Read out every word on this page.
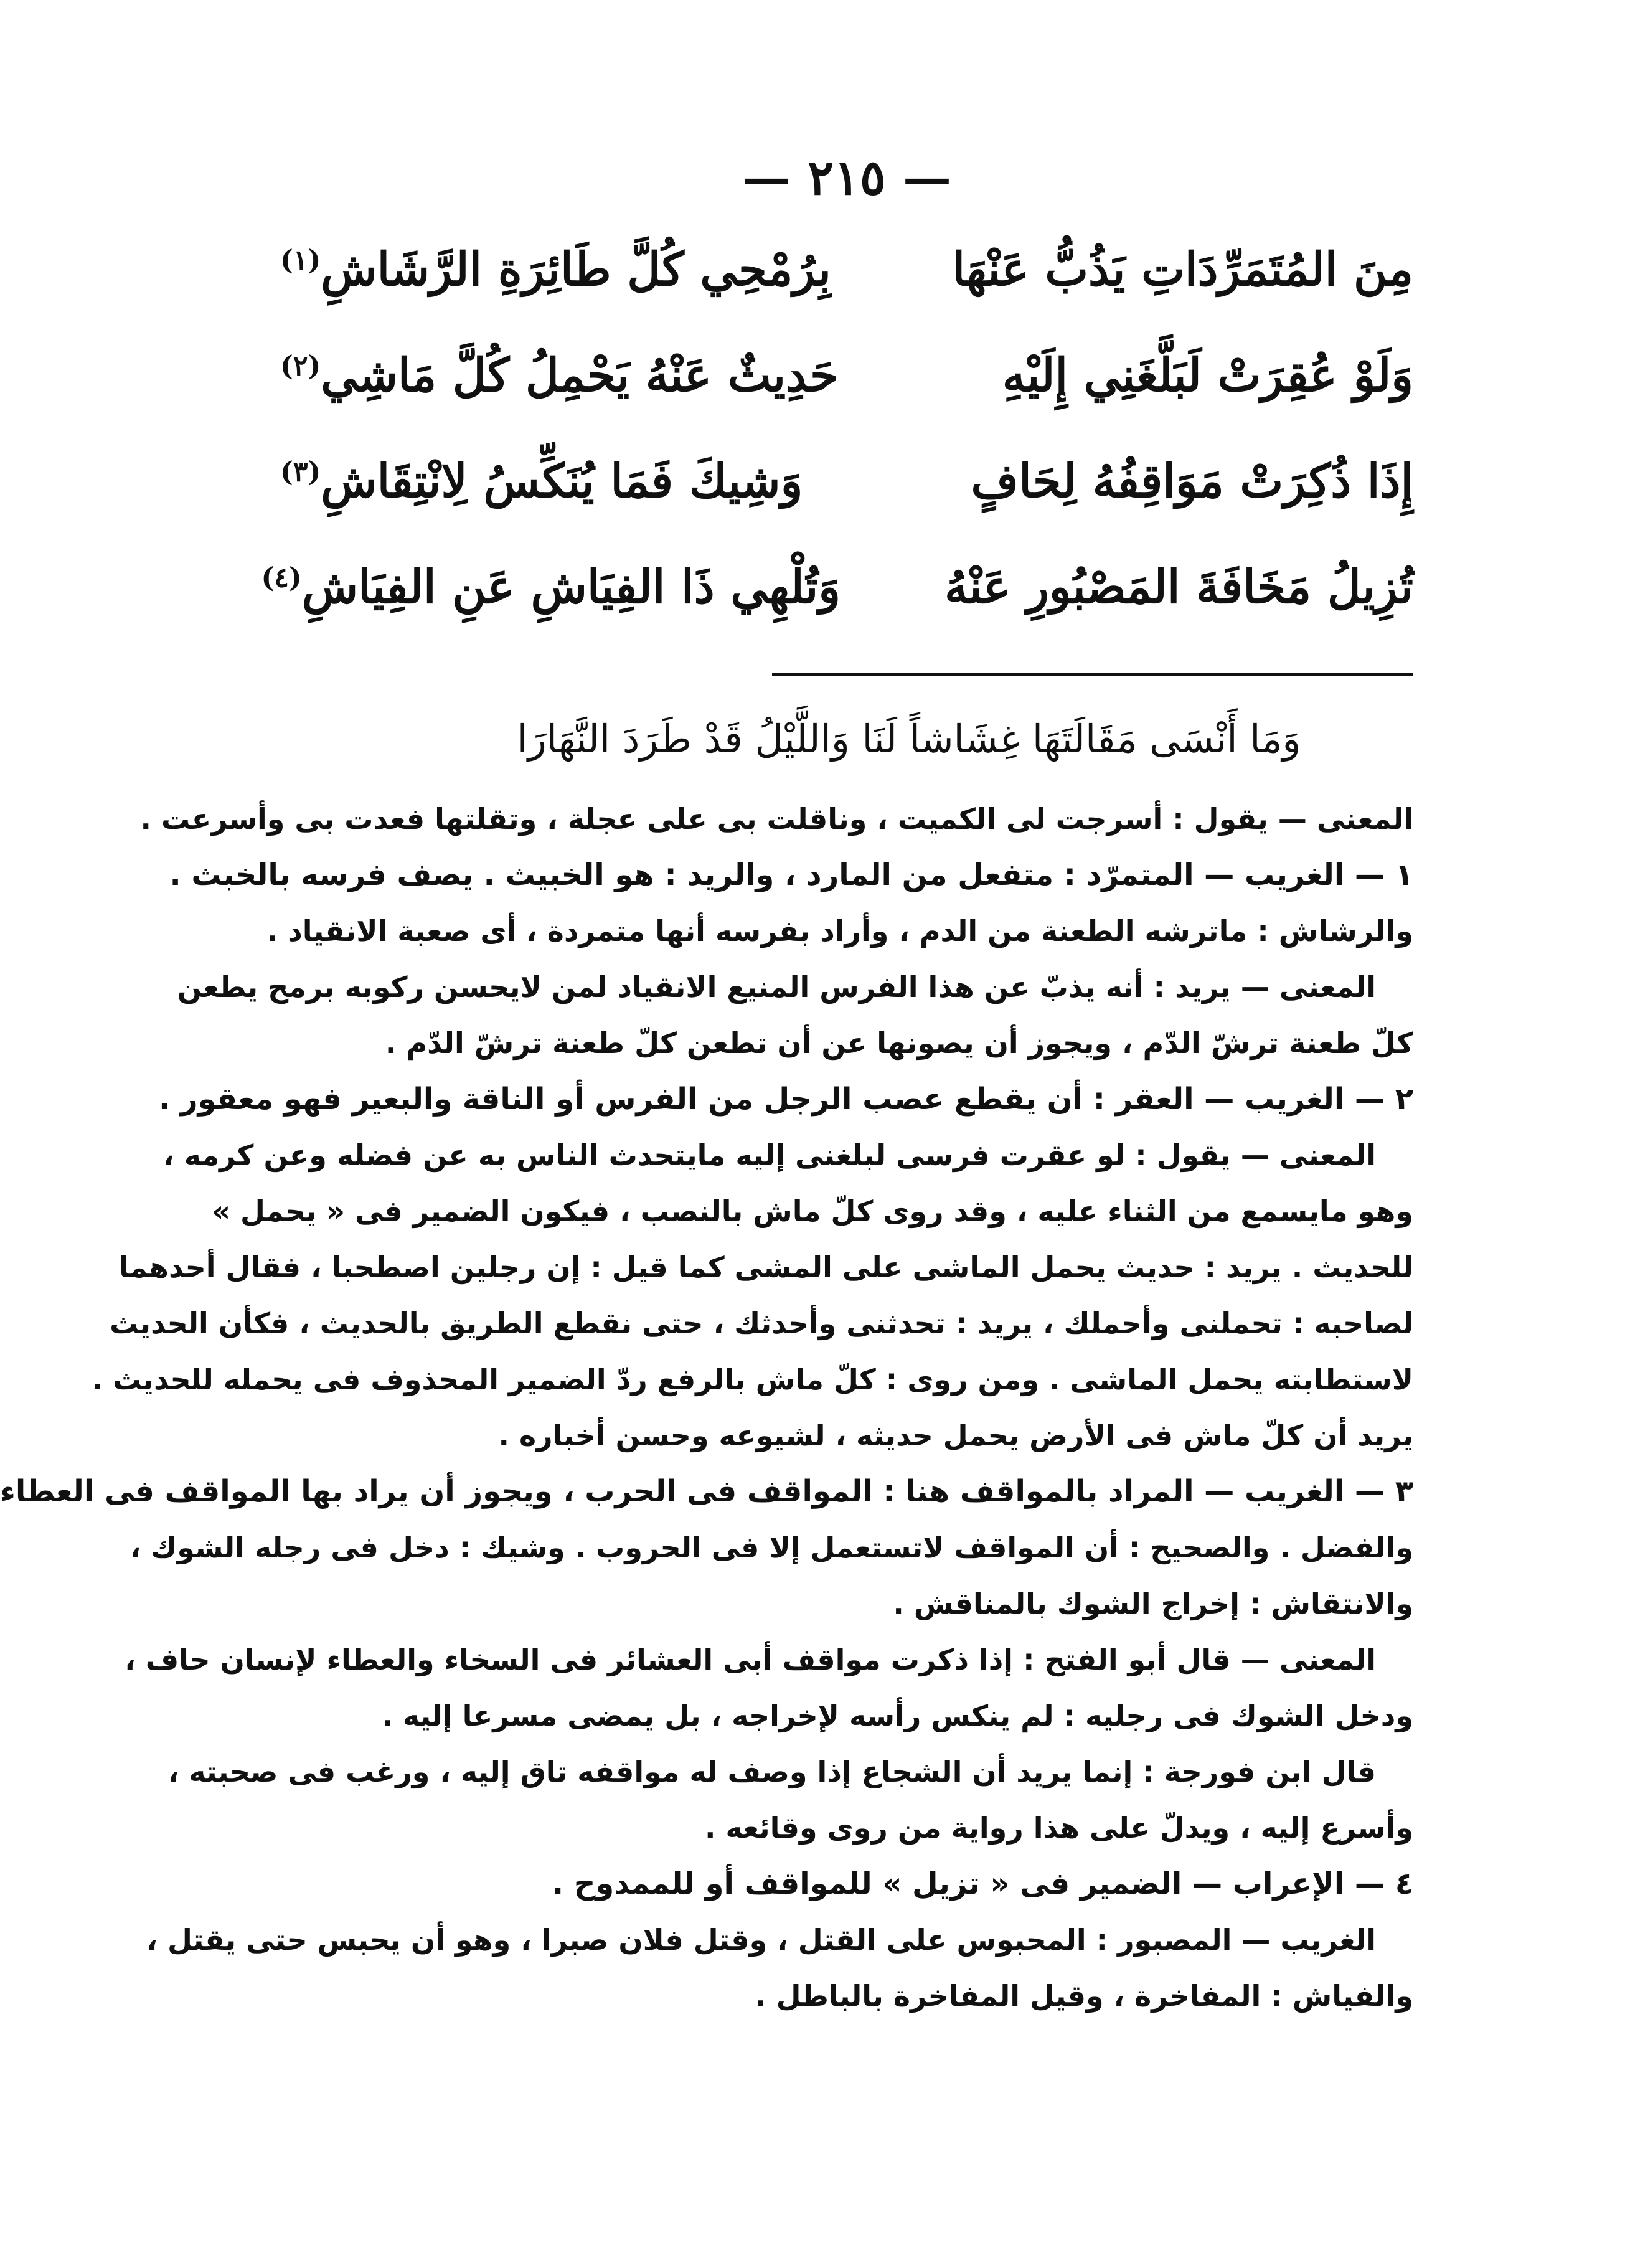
— ٢١٥ —
مِنَ المُتَمَرِّدَاتِ يَذُبُّ عَنْهَا
بِرُمْحِي كُلَّ طَائِرَةِ الرَّشَاشِ$^{(١)}$
وَلَوْ عُقِرَتْ لَبَلَّغَنِي إِلَيْهِ
حَدِيثٌ عَنْهُ يَحْمِلُ كُلَّ مَاشِي$^{(٢)}$
إِذَا ذُكِرَتْ مَوَاقِفُهُ لِحَافٍ
وَشِيكَ فَمَا يُنَكِّسُ لِانْتِقَاشِ$^{(٣)}$
تُزِيلُ مَخَافَةَ المَصْبُورِ عَنْهُ
وَتُلْهِي ذَا الفِيَاشِ عَنِ الفِيَاشِ$^{(٤)}$
وَمَا أَنْسَى مَقَالَتَهَا غِشَاشاً لَنَا وَاللَّيْلُ قَدْ طَرَدَ النَّهَارَا
المعنى — يقول : أسرجت لى الكميت ، وناقلت بى على عجلة ، وتقلتها فعدت بى وأسرعت .
١ — الغريب — المتمرّد : متفعل من المارد ، والريد : هو الخبيث . يصف فرسه بالخبث .
والرشاش : ماترشه الطعنة من الدم ، وأراد بفرسه أنها متمردة ، أى صعبة الانقياد .
المعنى — يريد : أنه يذبّ عن هذا الفرس المنيع الانقياد لمن لايحسن ركوبه برمح يطعن
كلّ طعنة ترشّ الدّم ، ويجوز أن يصونها عن أن تطعن كلّ طعنة ترشّ الدّم .
٢ — الغريب — العقر : أن يقطع عصب الرجل من الفرس أو الناقة والبعير فهو معقور .
المعنى — يقول : لو عقرت فرسى لبلغنى إليه مايتحدث الناس به عن فضله وعن كرمه ،
وهو مايسمع من الثناء عليه ، وقد روى كلّ ماش بالنصب ، فيكون الضمير فى « يحمل »
للحديث . يريد : حديث يحمل الماشى على المشى كما قيل : إن رجلين اصطحبا ، فقال أحدهما
لصاحبه : تحملنى وأحملك ، يريد : تحدثنى وأحدثك ، حتى نقطع الطريق بالحديث ، فكأن الحديث
لاستطابته يحمل الماشى . ومن روى : كلّ ماش بالرفع ردّ الضمير المحذوف فى يحمله للحديث .
يريد أن كلّ ماش فى الأرض يحمل حديثه ، لشيوعه وحسن أخباره .
٣ — الغريب — المراد بالمواقف هنا : المواقف فى الحرب ، ويجوز أن يراد بها المواقف فى العطاء
والفضل . والصحيح : أن المواقف لاتستعمل إلا فى الحروب . وشيك : دخل فى رجله الشوك ،
والانتقاش : إخراج الشوك بالمناقش .
المعنى — قال أبو الفتح : إذا ذكرت مواقف أبى العشائر فى السخاء والعطاء لإنسان حاف ،
ودخل الشوك فى رجليه : لم ينكس رأسه لإخراجه ، بل يمضى مسرعا إليه .
قال ابن فورجة : إنما يريد أن الشجاع إذا وصف له مواقفه تاق إليه ، ورغب فى صحبته ،
وأسرع إليه ، ويدلّ على هذا رواية من روى وقائعه .
٤ — الإعراب — الضمير فى « تزيل » للمواقف أو للممدوح .
الغريب — المصبور : المحبوس على القتل ، وقتل فلان صبرا ، وهو أن يحبس حتى يقتل ،
والفياش : المفاخرة ، وقيل المفاخرة بالباطل .
